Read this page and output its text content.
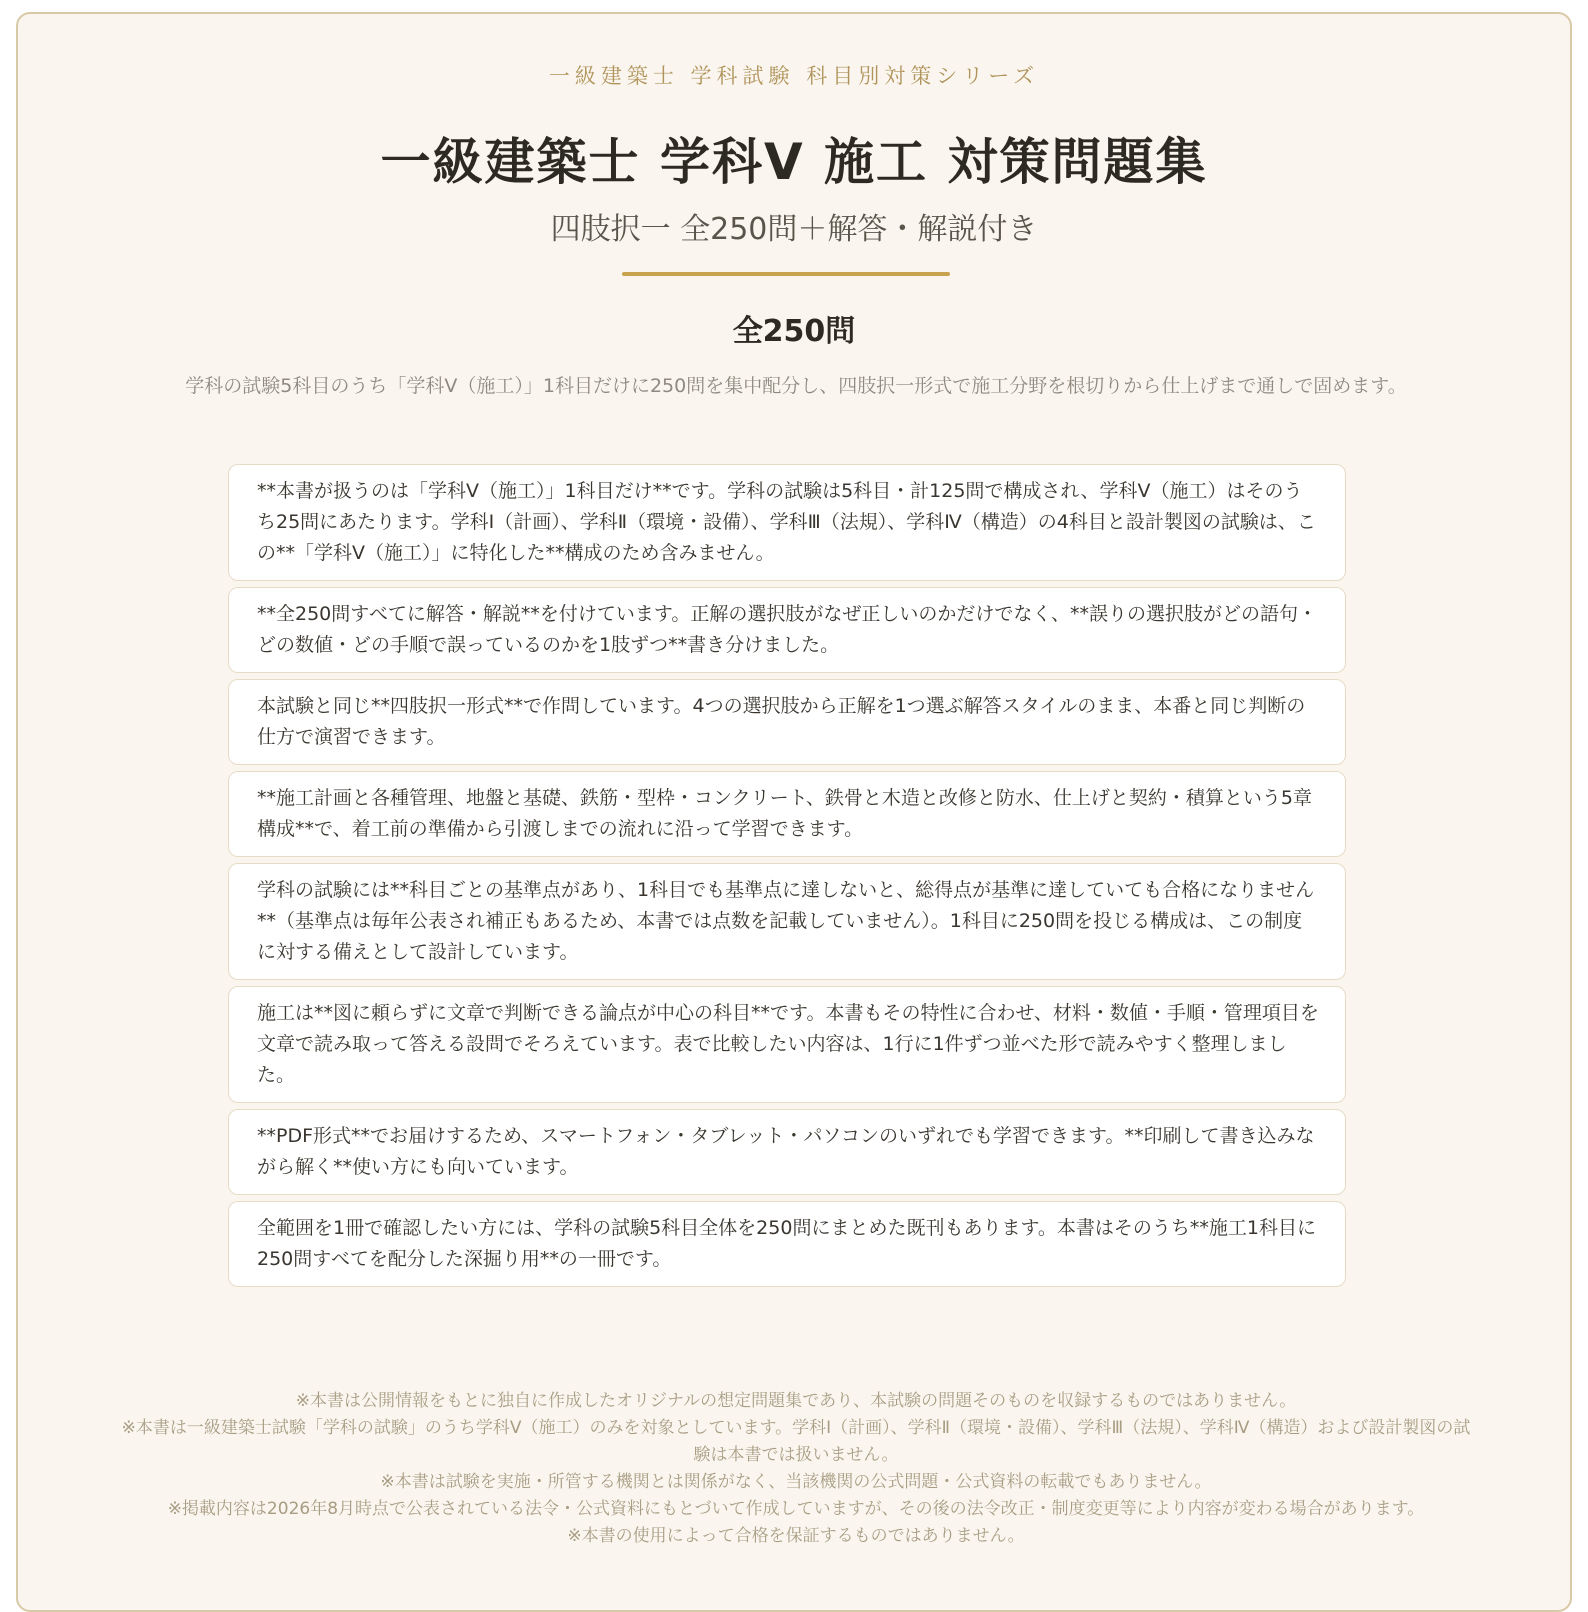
一級建築士 学科試験 科目別対策シリーズ
一級建築士 学科Ⅴ 施工 対策問題集
四肢択一 全250問＋解答・解説付き
全250問
学科の試験5科目のうち「学科Ⅴ（施工）」1科目だけに250問を集中配分し、四肢択一形式で施工分野を根切りから仕上げまで通しで固めます。
**本書が扱うのは「学科Ⅴ（施工）」1科目だけ**です。学科の試験は5科目・計125問で構成され、学科Ⅴ（施工）はそのうち25問にあたります。学科Ⅰ（計画）、学科Ⅱ（環境・設備）、学科Ⅲ（法規）、学科Ⅳ（構造）の4科目と設計製図の試験は、この**「学科Ⅴ（施工）」に特化した**構成のため含みません。
**全250問すべてに解答・解説**を付けています。正解の選択肢がなぜ正しいのかだけでなく、**誤りの選択肢がどの語句・どの数値・どの手順で誤っているのかを1肢ずつ**書き分けました。
本試験と同じ**四肢択一形式**で作問しています。4つの選択肢から正解を1つ選ぶ解答スタイルのまま、本番と同じ判断の仕方で演習できます。
**施工計画と各種管理、地盤と基礎、鉄筋・型枠・コンクリート、鉄骨と木造と改修と防水、仕上げと契約・積算という5章構成**で、着工前の準備から引渡しまでの流れに沿って学習できます。
学科の試験には**科目ごとの基準点があり、1科目でも基準点に達しないと、総得点が基準に達していても合格になりません**（基準点は毎年公表され補正もあるため、本書では点数を記載していません）。1科目に250問を投じる構成は、この制度に対する備えとして設計しています。
施工は**図に頼らずに文章で判断できる論点が中心の科目**です。本書もその特性に合わせ、材料・数値・手順・管理項目を文章で読み取って答える設問でそろえています。表で比較したい内容は、1行に1件ずつ並べた形で読みやすく整理しました。
**PDF形式**でお届けするため、スマートフォン・タブレット・パソコンのいずれでも学習できます。**印刷して書き込みながら解く**使い方にも向いています。
全範囲を1冊で確認したい方には、学科の試験5科目全体を250問にまとめた既刊もあります。本書はそのうち**施工1科目に250問すべてを配分した深掘り用**の一冊です。
※本書は公開情報をもとに独自に作成したオリジナルの想定問題集であり、本試験の問題そのものを収録するものではありません。
※本書は一級建築士試験「学科の試験」のうち学科Ⅴ（施工）のみを対象としています。学科Ⅰ（計画）、学科Ⅱ（環境・設備）、学科Ⅲ（法規）、学科Ⅳ（構造）および設計製図の試験は本書では扱いません。
※本書は試験を実施・所管する機関とは関係がなく、当該機関の公式問題・公式資料の転載でもありません。
※掲載内容は2026年8月時点で公表されている法令・公式資料にもとづいて作成していますが、その後の法令改正・制度変更等により内容が変わる場合があります。
※本書の使用によって合格を保証するものではありません。
